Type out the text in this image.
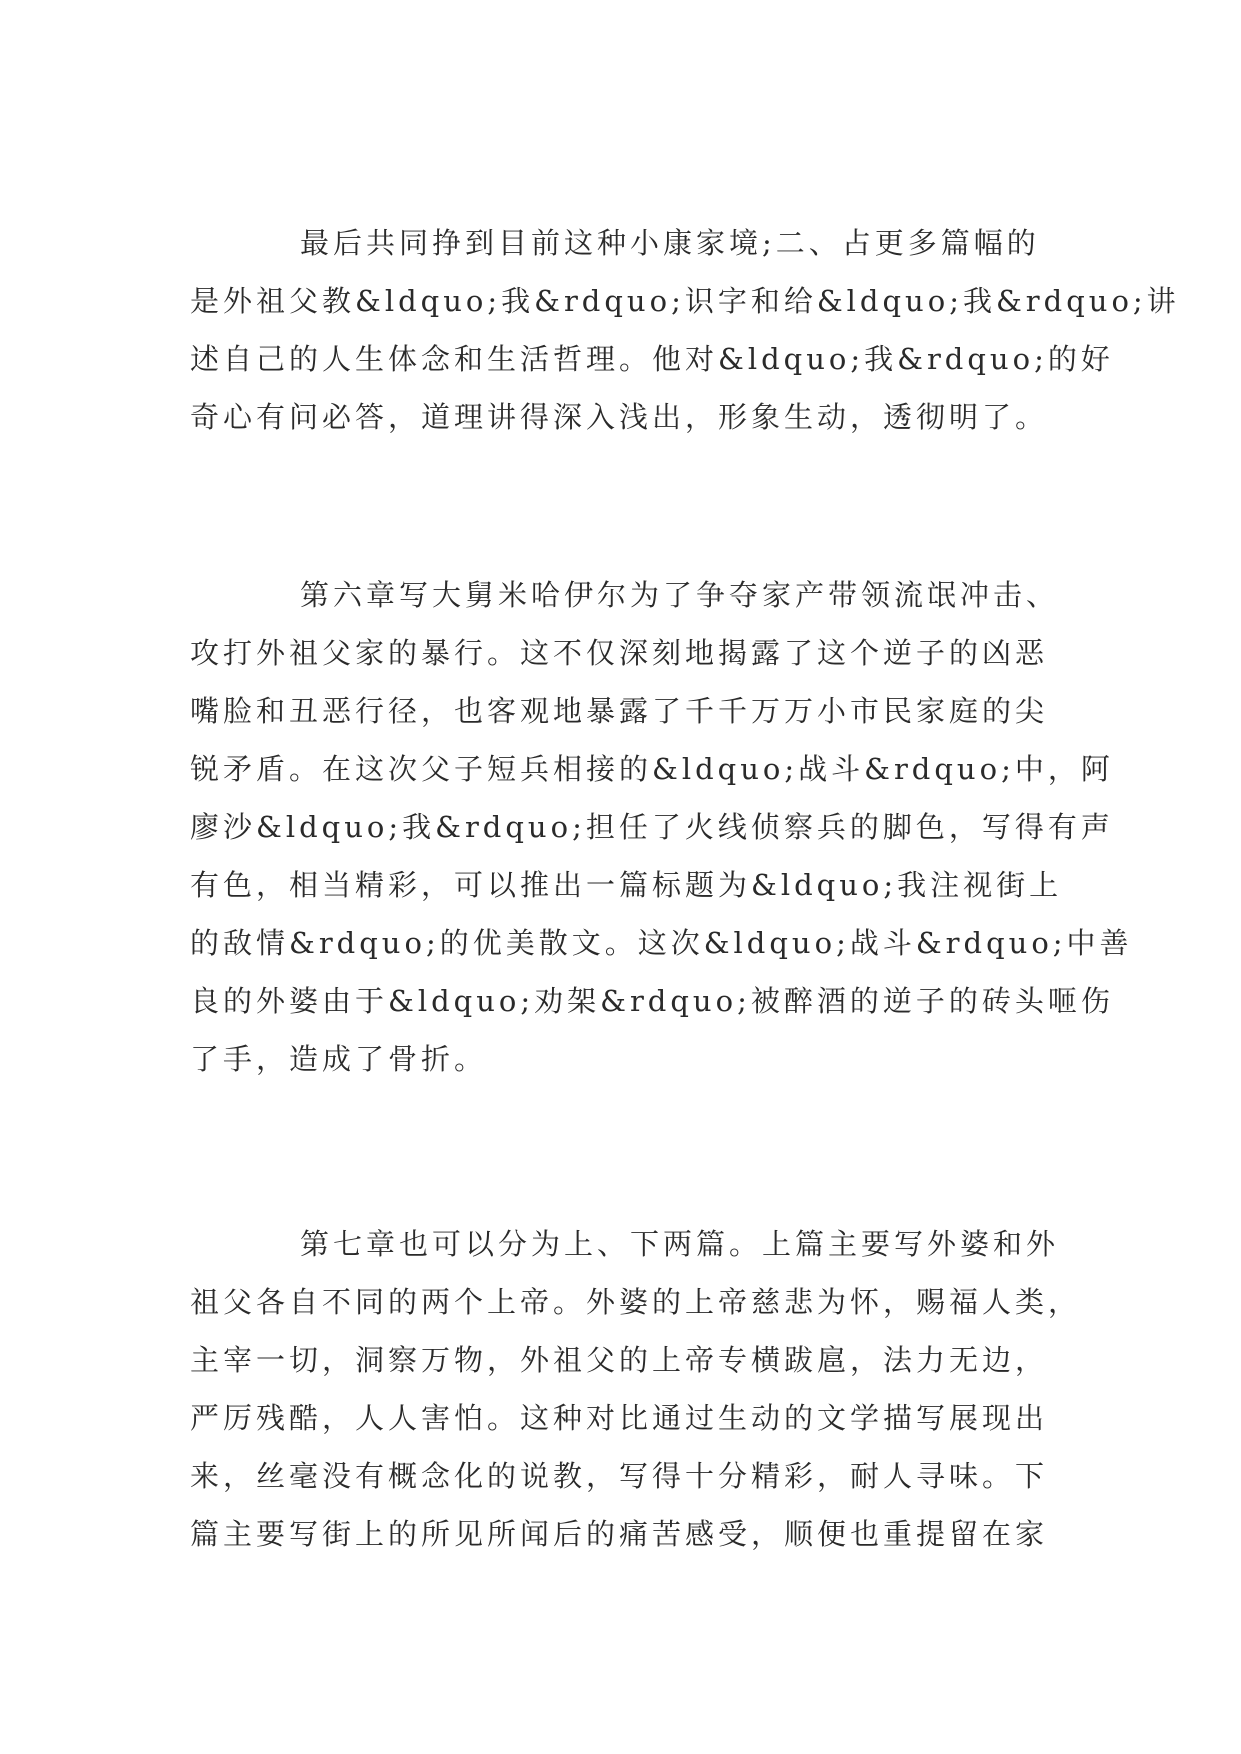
最后共同挣到目前这种小康家境;二、占更多篇幅的
是外祖父教&ldquo;我&rdquo;识字和给&ldquo;我&rdquo;讲
述自己的人生体念和生活哲理。他对&ldquo;我&rdquo;的好
奇心有问必答，道理讲得深入浅出，形象生动，透彻明了。
第六章写大舅米哈伊尔为了争夺家产带领流氓冲击、
攻打外祖父家的暴行。这不仅深刻地揭露了这个逆子的凶恶
嘴脸和丑恶行径，也客观地暴露了千千万万小市民家庭的尖
锐矛盾。在这次父子短兵相接的&ldquo;战斗&rdquo;中，阿
廖沙&ldquo;我&rdquo;担任了火线侦察兵的脚色，写得有声
有色，相当精彩，可以推出一篇标题为&ldquo;我注视街上
的敌情&rdquo;的优美散文。这次&ldquo;战斗&rdquo;中善
良的外婆由于&ldquo;劝架&rdquo;被醉酒的逆子的砖头咂伤
了手，造成了骨折。
第七章也可以分为上、下两篇。上篇主要写外婆和外
祖父各自不同的两个上帝。外婆的上帝慈悲为怀，赐福人类，
主宰一切，洞察万物，外祖父的上帝专横跋扈，法力无边，
严厉残酷，人人害怕。这种对比通过生动的文学描写展现出
来，丝毫没有概念化的说教，写得十分精彩，耐人寻味。下
篇主要写街上的所见所闻后的痛苦感受，顺便也重提留在家
